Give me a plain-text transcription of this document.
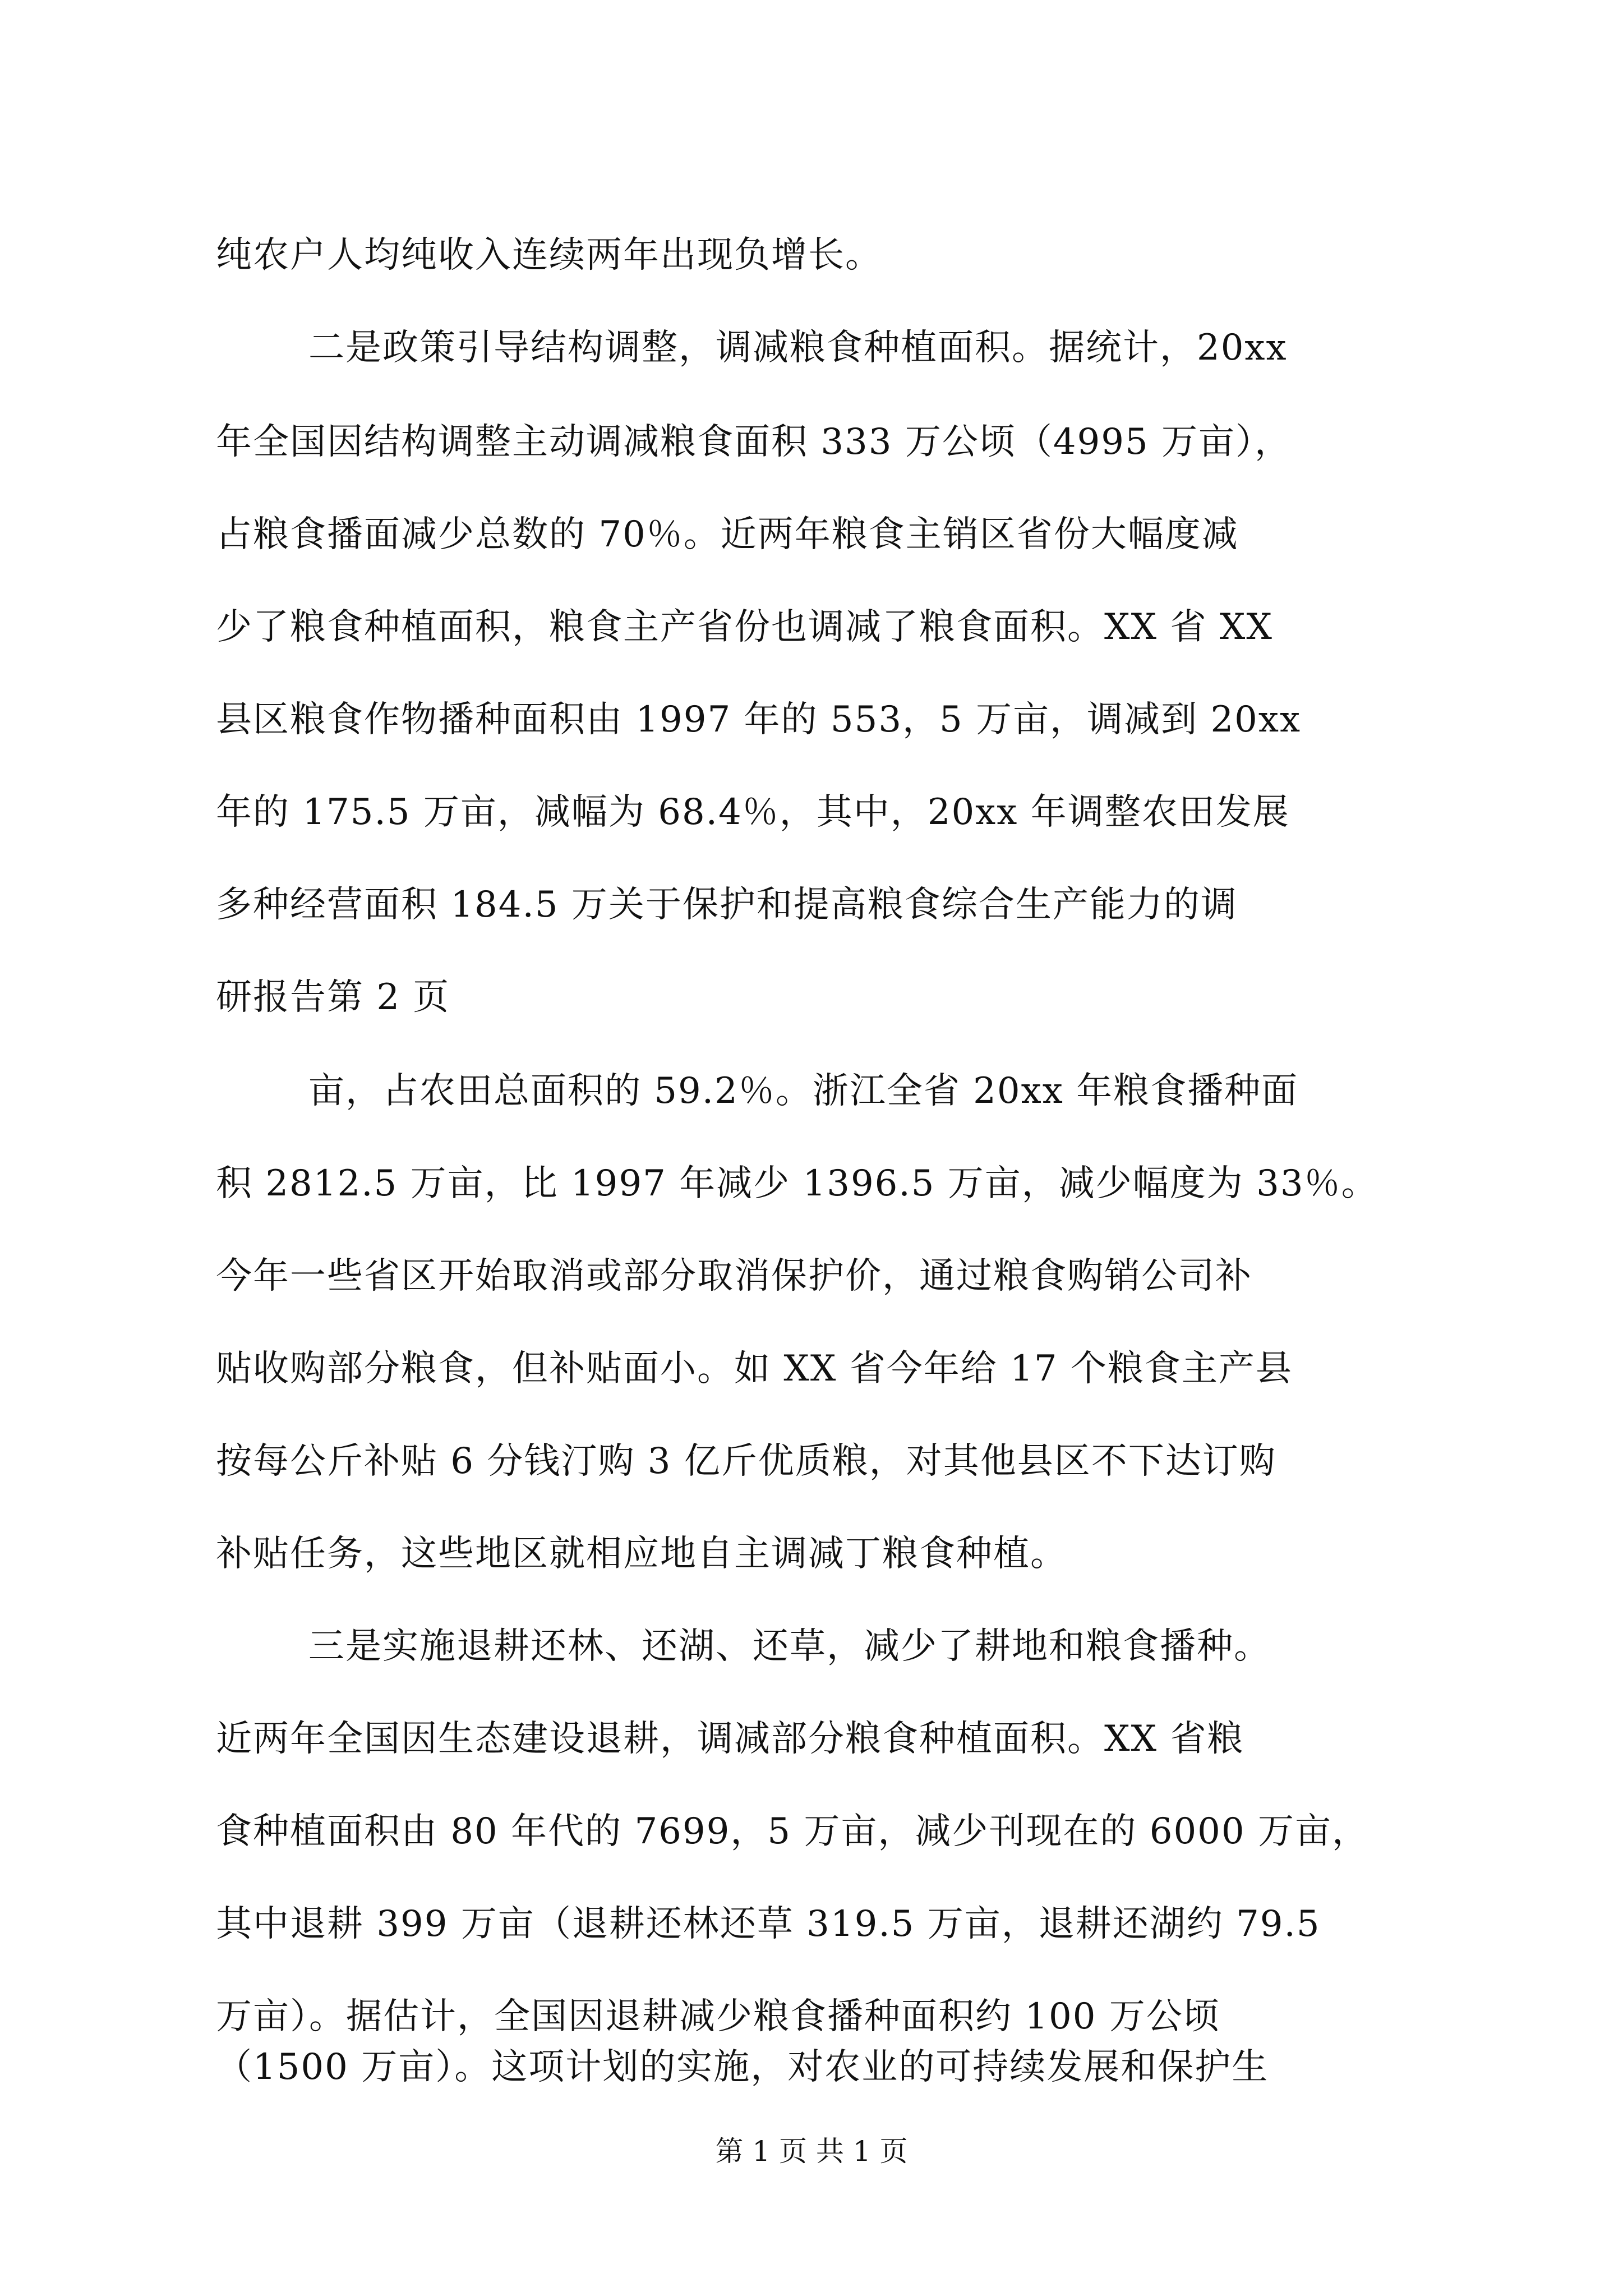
纯农户人均纯收入连续两年出现负增长。
二是政策引导结构调整，调减粮食种植面积。据统计，20xx
年全国因结构调整主动调减粮食面积 333 万公顷（4995 万亩），
占粮食播面减少总数的 70％。近两年粮食主销区省份大幅度减
少了粮食种植面积，粮食主产省份也调减了粮食面积。XX 省 XX
县区粮食作物播种面积由 1997 年的 553，5 万亩，调减到 20xx
年的 175.5 万亩，减幅为 68.4％，其中，20xx 年调整农田发展
多种经营面积 184.5 万关于保护和提高粮食综合生产能力的调
研报告第 2 页
亩，占农田总面积的 59.2％。浙江全省 20xx 年粮食播种面
积 2812.5 万亩，比 1997 年减少 1396.5 万亩，减少幅度为 33％。
今年一些省区开始取消或部分取消保护价，通过粮食购销公司补
贴收购部分粮食，但补贴面小。如 XX 省今年给 17 个粮食主产县
按每公斤补贴 6 分钱汀购 3 亿斤优质粮，对其他县区不下达订购
补贴任务，这些地区就相应地自主调减丁粮食种植。
三是实施退耕还林、还湖、还草，减少了耕地和粮食播种。
近两年全国因生态建设退耕，调减部分粮食种植面积。XX 省粮
食种植面积由 80 年代的 7699，5 万亩，减少刊现在的 6000 万亩，
其中退耕 399 万亩（退耕还林还草 319.5 万亩，退耕还湖约 79.5
万亩）。据估计，全国因退耕减少粮食播种面积约 100 万公顷
（1500 万亩）。这项计划的实施，对农业的可持续发展和保护生
第 1 页 共 1 页
